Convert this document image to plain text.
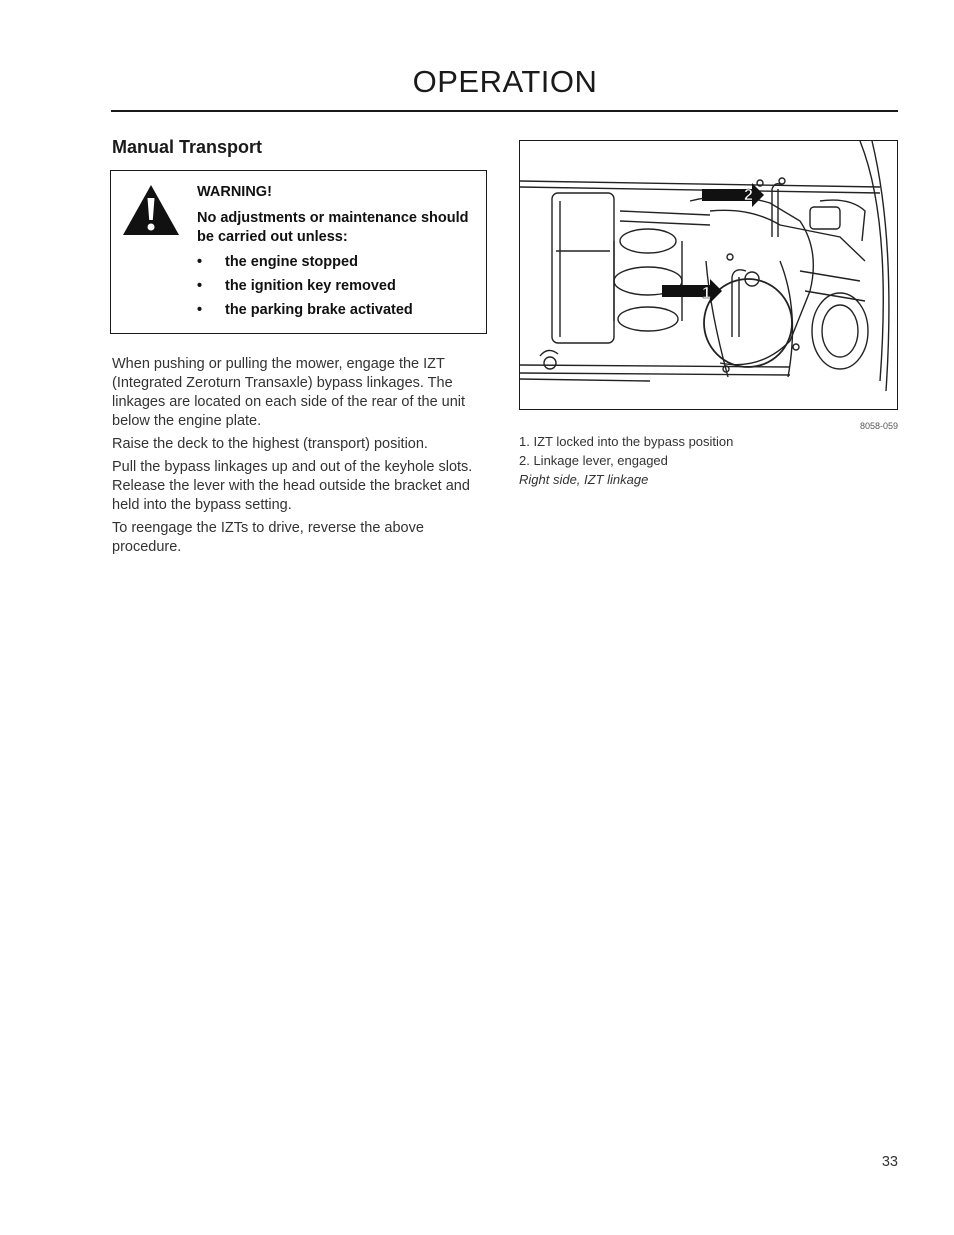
OPERATION
Manual Transport

WARNING!

No adjustments or maintenance should be carried out unless:

• the engine stopped
• the ignition key removed
• the parking brake activated

When pushing or pulling the mower, engage the IZT (Integrated Zeroturn Transaxle) bypass linkages. The linkages are located on each side of the rear of the unit below the engine plate.

Raise the deck to the highest (transport) position.

Pull the bypass linkages up and out of the keyhole slots. Release the lever with the head outside the bracket and held into the bypass setting.

To reengage the IZTs to drive, reverse the above procedure.

2
1
8058-059

1. IZT locked into the bypass position

2. Linkage lever, engaged

Right side, IZT linkage

33
